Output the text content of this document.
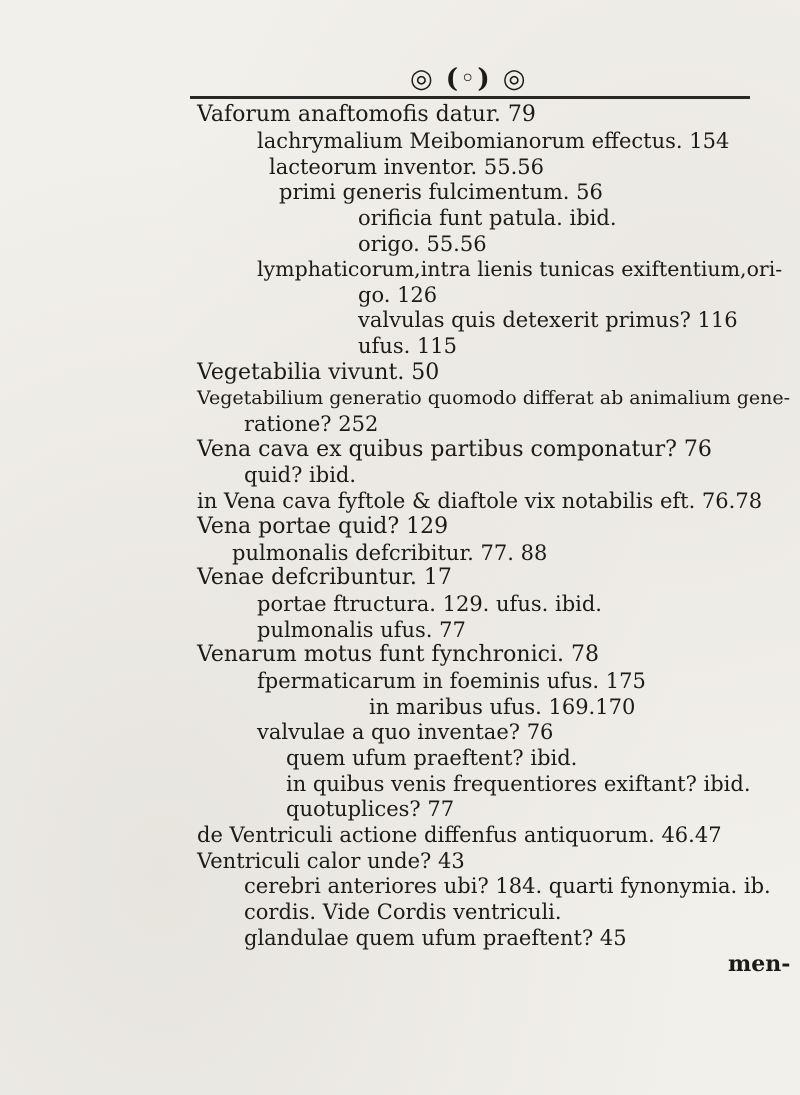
◎ (◦) ◎
Vaforum anaftomofis datur. 79
lachrymalium Meibomianorum effectus. 154
lacteorum inventor. 55.56
primi generis fulcimentum. 56
orificia funt patula. ibid.
origo. 55.56
lymphaticorum,intra lienis tunicas exiftentium,ori-
go. 126
valvulas quis detexerit primus? 116
ufus. 115
Vegetabilia vivunt. 50
Vegetabilium generatio quomodo differat ab animalium gene-
ratione? 252
Vena cava ex quibus partibus componatur? 76
quid? ibid.
in Vena cava fyftole & diaftole vix notabilis eft. 76.78
Vena portae quid? 129
pulmonalis defcribitur. 77. 88
Venae defcribuntur. 17
portae ftructura. 129. ufus. ibid.
pulmonalis ufus. 77
Venarum motus funt fynchronici. 78
fpermaticarum in foeminis ufus. 175
in maribus ufus. 169.170
valvulae a quo inventae? 76
quem ufum praeftent? ibid.
in quibus venis frequentiores exiftant? ibid.
quotuplices? 77
de Ventriculi actione diffenfus antiquorum. 46.47
Ventriculi calor unde? 43
cerebri anteriores ubi? 184. quarti fynonymia. ib.
cordis. Vide Cordis ventriculi.
glandulae quem ufum praeftent? 45
men-
